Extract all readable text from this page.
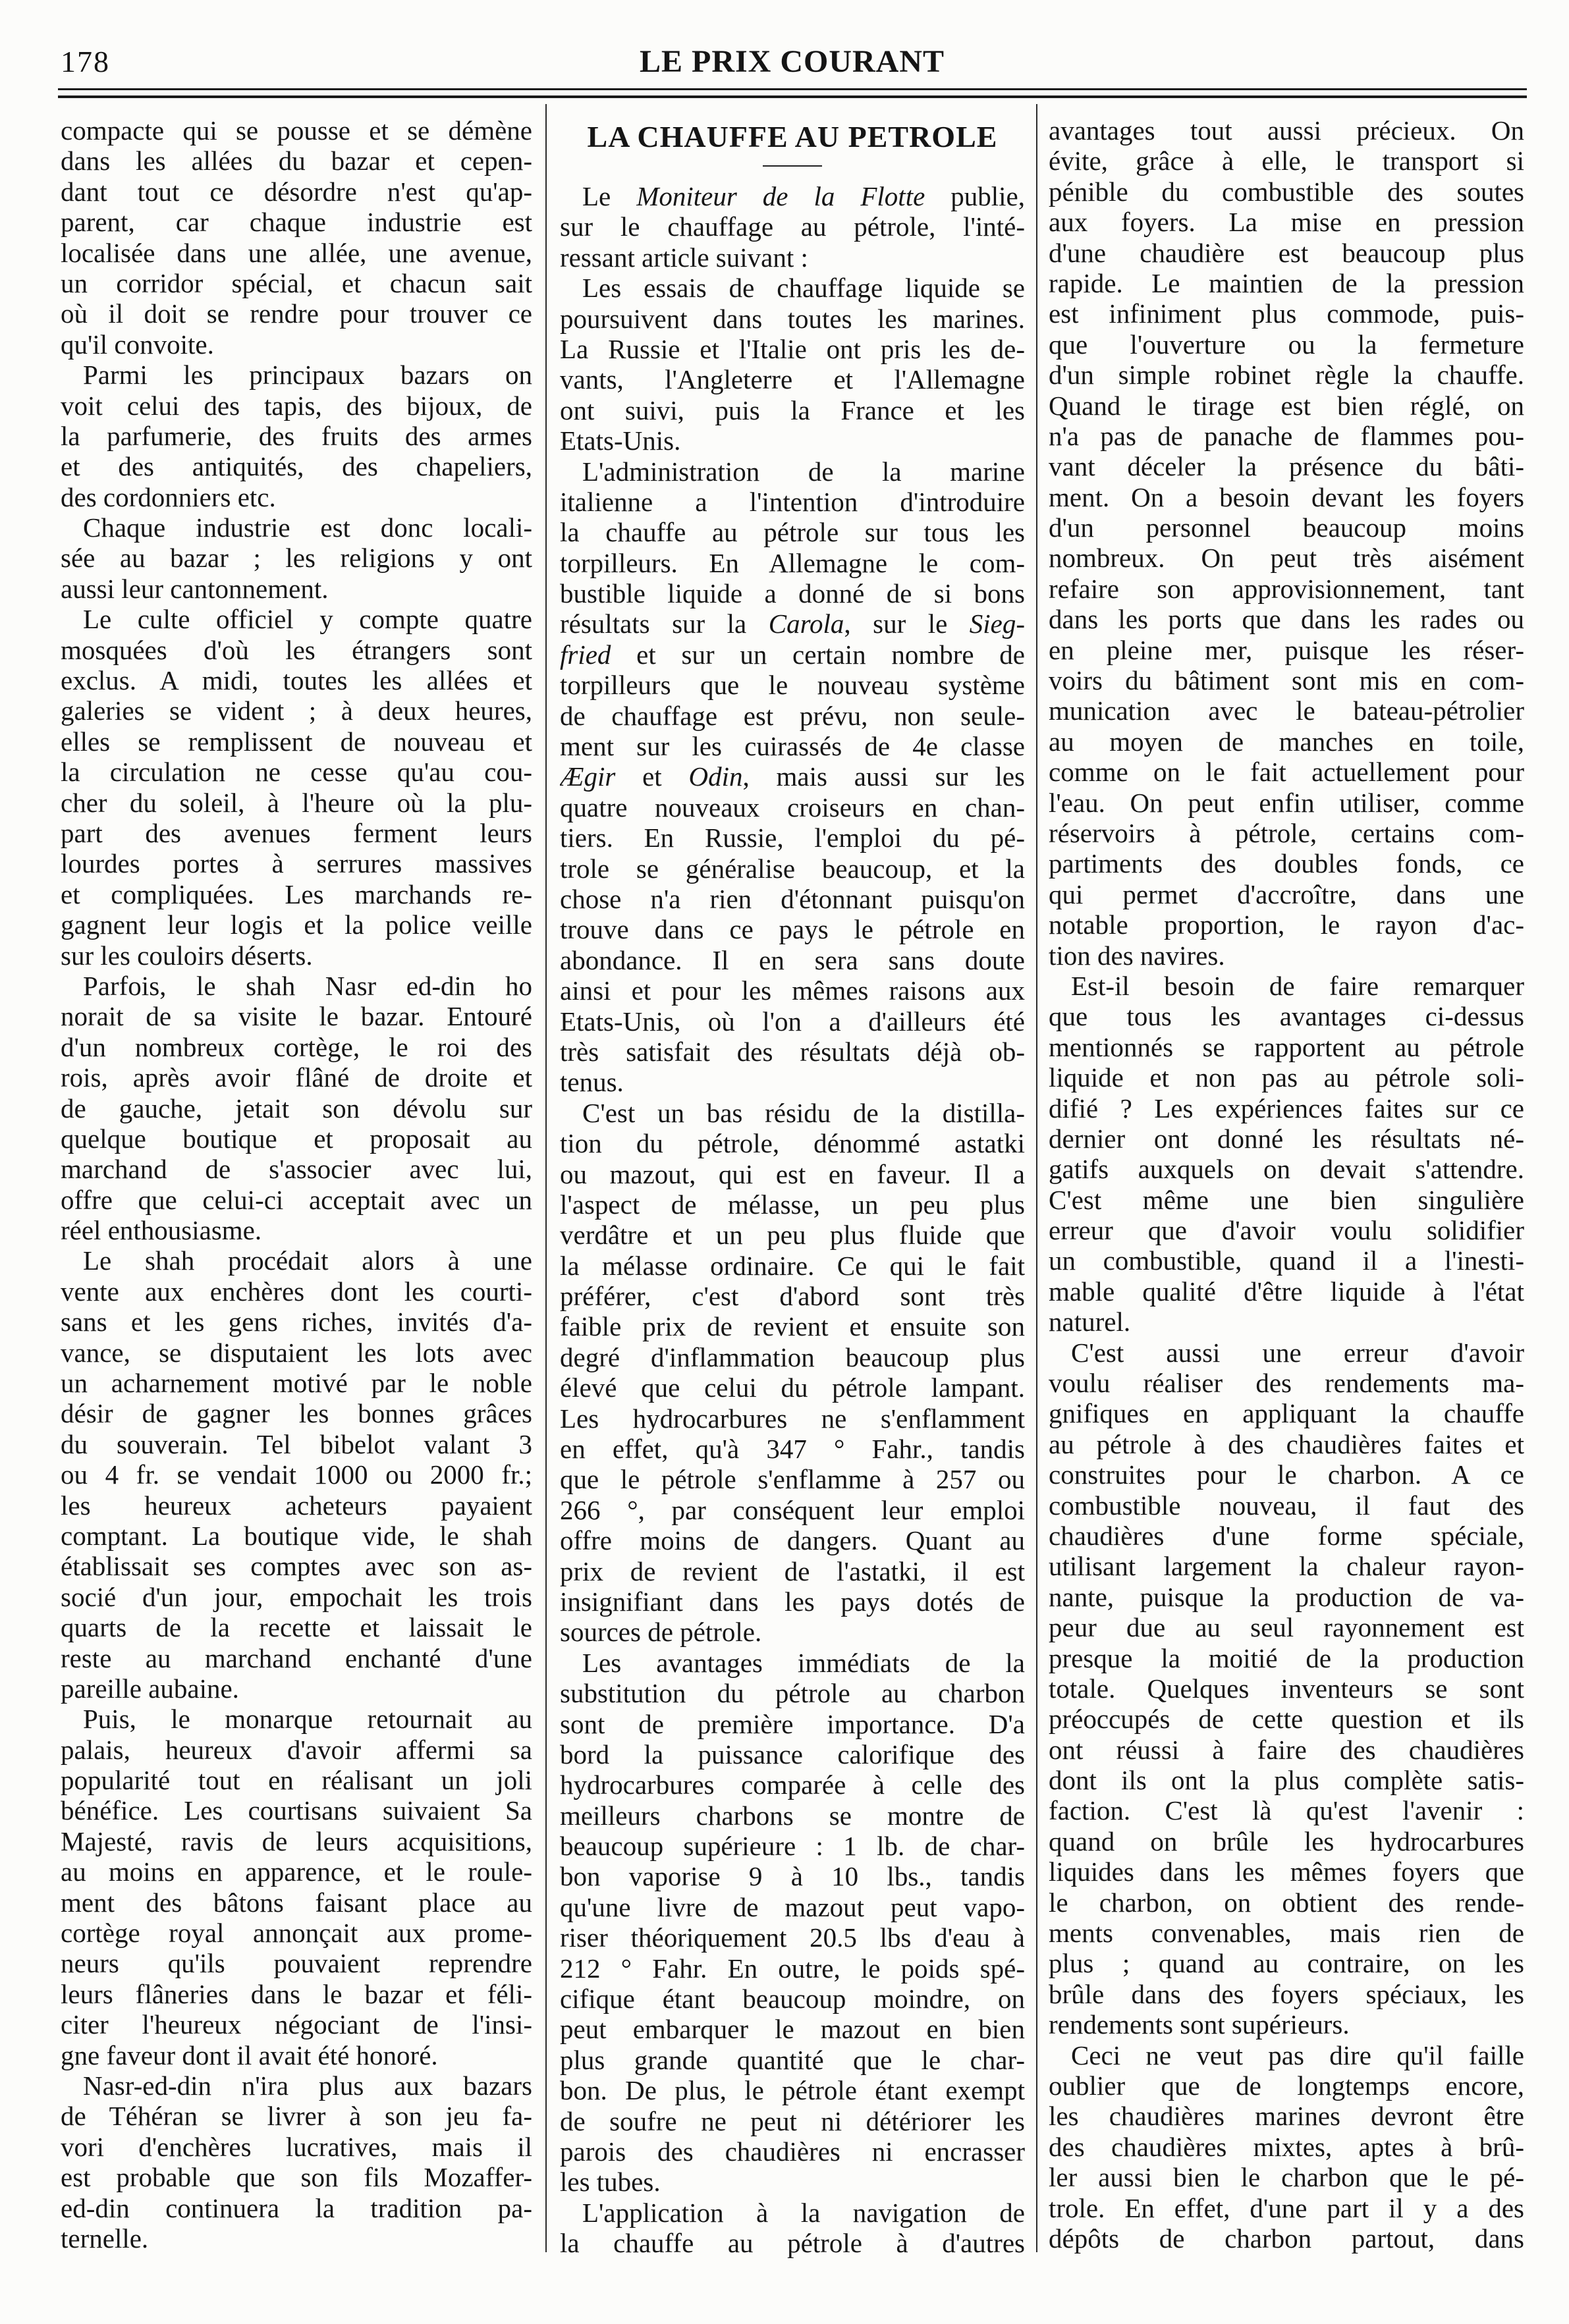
178	LE PRIX COURANT
compacte qui se pousse et se démène
dans les allées du bazar et cepen-
dant tout ce désordre n'est qu'ap-
parent, car chaque industrie est
localisée dans une allée, une avenue,
un corridor spécial, et chacun sait
où il doit se rendre pour trouver ce
qu'il convoite.
Parmi les principaux bazars on
voit celui des tapis, des bijoux, de
la parfumerie, des fruits des armes
et des antiquités, des chapeliers,
des cordonniers etc.
Chaque industrie est donc locali-
sée au bazar ; les religions y ont
aussi leur cantonnement.
Le culte officiel y compte quatre
mosquées d'où les étrangers sont
exclus. A midi, toutes les allées et
galeries se vident ; à deux heures,
elles se remplissent de nouveau et
la circulation ne cesse qu'au cou-
cher du soleil, à l'heure où la plu-
part des avenues ferment leurs
lourdes portes à serrures massives
et compliquées. Les marchands re-
gagnent leur logis et la police veille
sur les couloirs déserts.
Parfois, le shah Nasr ed-din ho
norait de sa visite le bazar. Entouré
d'un nombreux cortège, le roi des
rois, après avoir flâné de droite et
de gauche, jetait son dévolu sur
quelque boutique et proposait au
marchand de s'associer avec lui,
offre que celui-ci acceptait avec un
réel enthousiasme.
Le shah procédait alors à une
vente aux enchères dont les courti-
sans et les gens riches, invités d'a-
vance, se disputaient les lots avec
un acharnement motivé par le noble
désir de gagner les bonnes grâces
du souverain. Tel bibelot valant 3
ou 4 fr. se vendait 1000 ou 2000 fr.;
les heureux acheteurs payaient
comptant. La boutique vide, le shah
établissait ses comptes avec son as-
socié d'un jour, empochait les trois
quarts de la recette et laissait le
reste au marchand enchanté d'une
pareille aubaine.
Puis, le monarque retournait au
palais, heureux d'avoir affermi sa
popularité tout en réalisant un joli
bénéfice. Les courtisans suivaient Sa
Majesté, ravis de leurs acquisitions,
au moins en apparence, et le roule-
ment des bâtons faisant place au
cortège royal annonçait aux prome-
neurs qu'ils pouvaient reprendre
leurs flâneries dans le bazar et féli-
citer l'heureux négociant de l'insi-
gne faveur dont il avait été honoré.
Nasr-ed-din n'ira plus aux bazars
de Téhéran se livrer à son jeu fa-
vori d'enchères lucratives, mais il
est probable que son fils Mozaffer-
ed-din continuera la tradition pa-
ternelle.
LA CHAUFFE AU PETROLE
Le Moniteur de la Flotte publie,
sur le chauffage au pétrole, l'inté-
ressant article suivant :
Les essais de chauffage liquide se
poursuivent dans toutes les marines.
La Russie et l'Italie ont pris les de-
vants, l'Angleterre et l'Allemagne
ont suivi, puis la France et les
Etats-Unis.
L'administration de la marine
italienne a l'intention d'introduire
la chauffe au pétrole sur tous les
torpilleurs. En Allemagne le com-
bustible liquide a donné de si bons
résultats sur la Carola, sur le Sieg-
fried et sur un certain nombre de
torpilleurs que le nouveau système
de chauffage est prévu, non seule-
ment sur les cuirassés de 4e classe
Ægir et Odin, mais aussi sur les
quatre nouveaux croiseurs en chan-
tiers. En Russie, l'emploi du pé-
trole se généralise beaucoup, et la
chose n'a rien d'étonnant puisqu'on
trouve dans ce pays le pétrole en
abondance. Il en sera sans doute
ainsi et pour les mêmes raisons aux
Etats-Unis, où l'on a d'ailleurs été
très satisfait des résultats déjà ob-
tenus.
C'est un bas résidu de la distilla-
tion du pétrole, dénommé astatki
ou mazout, qui est en faveur. Il a
l'aspect de mélasse, un peu plus
verdâtre et un peu plus fluide que
la mélasse ordinaire. Ce qui le fait
préférer, c'est d'abord sont très
faible prix de revient et ensuite son
degré d'inflammation beaucoup plus
élevé que celui du pétrole lampant.
Les hydrocarbures ne s'enflamment
en effet, qu'à 347 ° Fahr., tandis
que le pétrole s'enflamme à 257 ou
266 °, par conséquent leur emploi
offre moins de dangers. Quant au
prix de revient de l'astatki, il est
insignifiant dans les pays dotés de
sources de pétrole.
Les avantages immédiats de la
substitution du pétrole au charbon
sont de première importance. D'a
bord la puissance calorifique des
hydrocarbures comparée à celle des
meilleurs charbons se montre de
beaucoup supérieure : 1 lb. de char-
bon vaporise 9 à 10 lbs., tandis
qu'une livre de mazout peut vapo-
riser théoriquement 20.5 lbs d'eau à
212 ° Fahr. En outre, le poids spé-
cifique étant beaucoup moindre, on
peut embarquer le mazout en bien
plus grande quantité que le char-
bon. De plus, le pétrole étant exempt
de soufre ne peut ni détériorer les
parois des chaudières ni encrasser
les tubes.
L'application à la navigation de
la chauffe au pétrole à d'autres
avantages tout aussi précieux. On
évite, grâce à elle, le transport si
pénible du combustible des soutes
aux foyers. La mise en pression
d'une chaudière est beaucoup plus
rapide. Le maintien de la pression
est infiniment plus commode, puis-
que l'ouverture ou la fermeture
d'un simple robinet règle la chauffe.
Quand le tirage est bien réglé, on
n'a pas de panache de flammes pou-
vant déceler la présence du bâti-
ment. On a besoin devant les foyers
d'un personnel beaucoup moins
nombreux. On peut très aisément
refaire son approvisionnement, tant
dans les ports que dans les rades ou
en pleine mer, puisque les réser-
voirs du bâtiment sont mis en com-
munication avec le bateau-pétrolier
au moyen de manches en toile,
comme on le fait actuellement pour
l'eau. On peut enfin utiliser, comme
réservoirs à pétrole, certains com-
partiments des doubles fonds, ce
qui permet d'accroître, dans une
notable proportion, le rayon d'ac-
tion des navires.
Est-il besoin de faire remarquer
que tous les avantages ci-dessus
mentionnés se rapportent au pétrole
liquide et non pas au pétrole soli-
difié ? Les expériences faites sur ce
dernier ont donné les résultats né-
gatifs auxquels on devait s'attendre.
C'est même une bien singulière
erreur que d'avoir voulu solidifier
un combustible, quand il a l'inesti-
mable qualité d'être liquide à l'état
naturel.
C'est aussi une erreur d'avoir
voulu réaliser des rendements ma-
gnifiques en appliquant la chauffe
au pétrole à des chaudières faites et
construites pour le charbon. A ce
combustible nouveau, il faut des
chaudières d'une forme spéciale,
utilisant largement la chaleur rayon-
nante, puisque la production de va-
peur due au seul rayonnement est
presque la moitié de la production
totale. Quelques inventeurs se sont
préoccupés de cette question et ils
ont réussi à faire des chaudières
dont ils ont la plus complète satis-
faction. C'est là qu'est l'avenir :
quand on brûle les hydrocarbures
liquides dans les mêmes foyers que
le charbon, on obtient des rende-
ments convenables, mais rien de
plus ; quand au contraire, on les
brûle dans des foyers spéciaux, les
rendements sont supérieurs.
Ceci ne veut pas dire qu'il faille
oublier que de longtemps encore,
les chaudières marines devront être
des chaudières mixtes, aptes à brû-
ler aussi bien le charbon que le pé-
trole. En effet, d'une part il y a des
dépôts de charbon partout, dans
